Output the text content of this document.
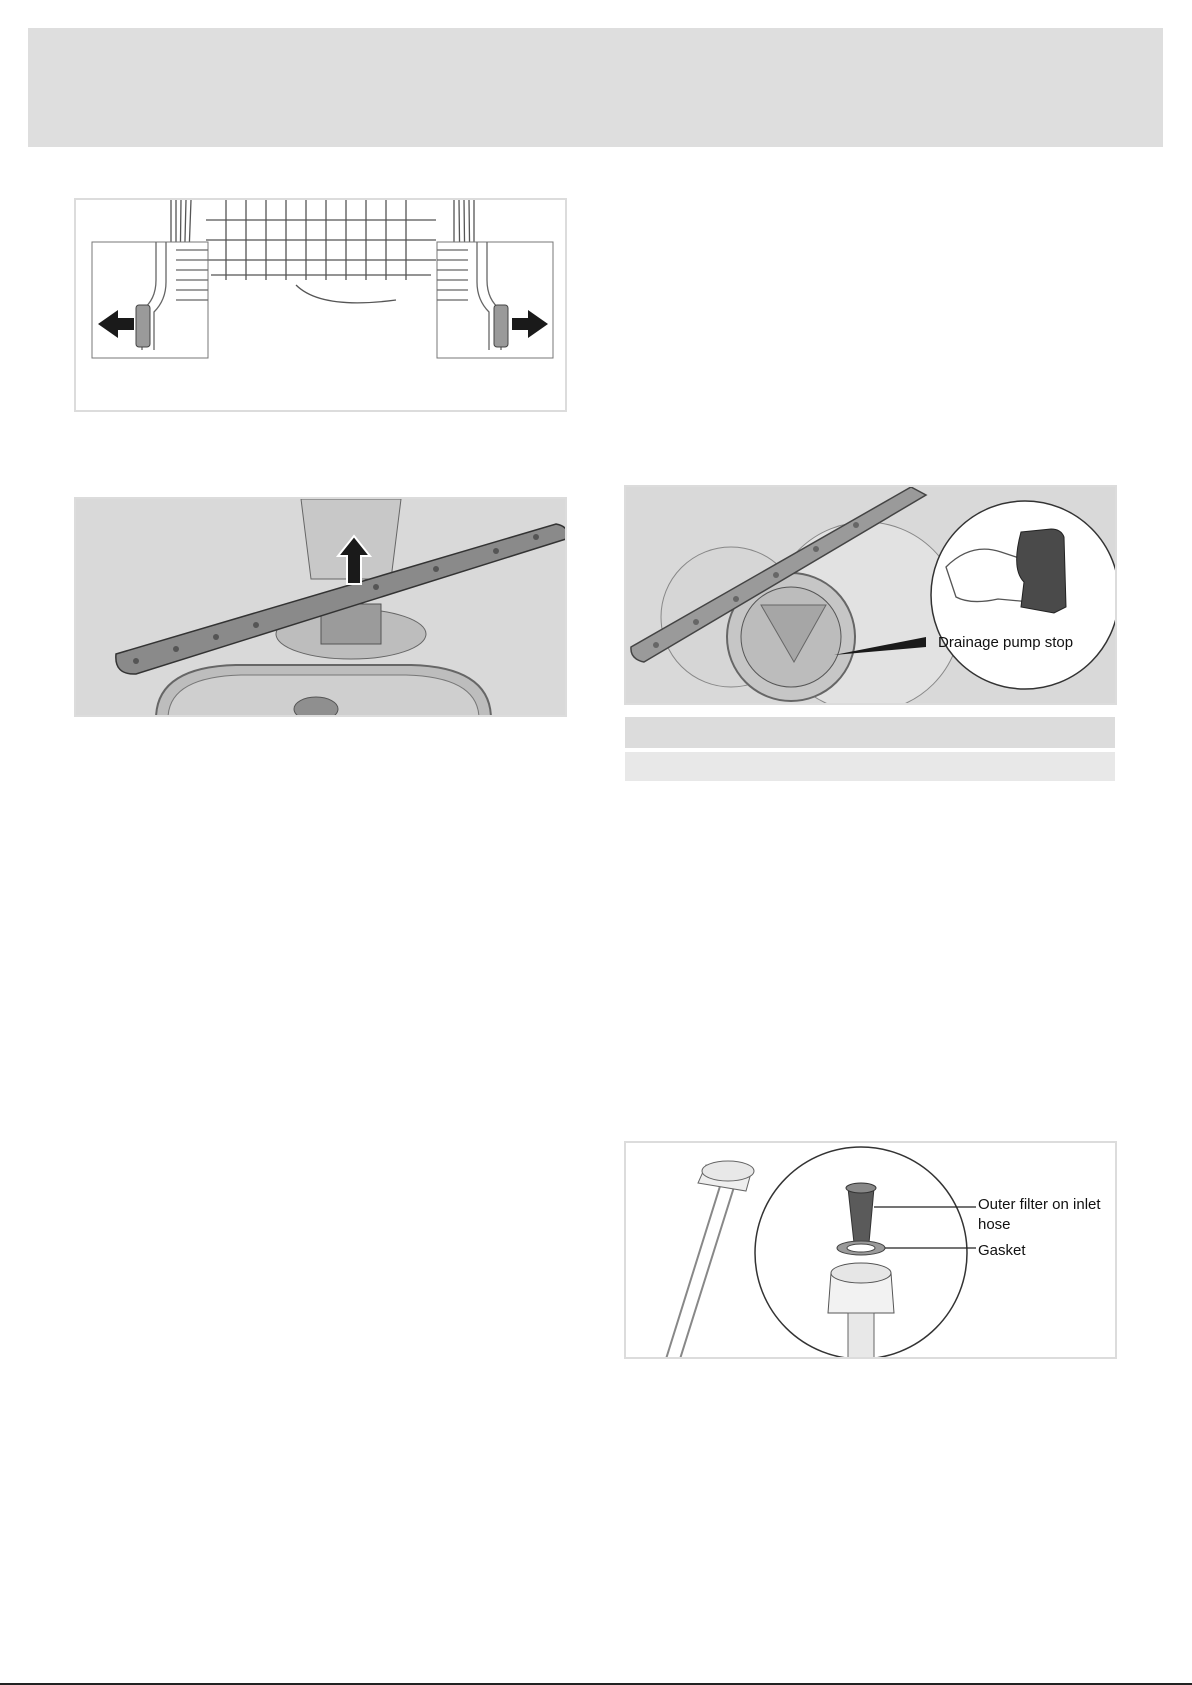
Drainage pump stop
Outer filter on inlet hose
Gasket
